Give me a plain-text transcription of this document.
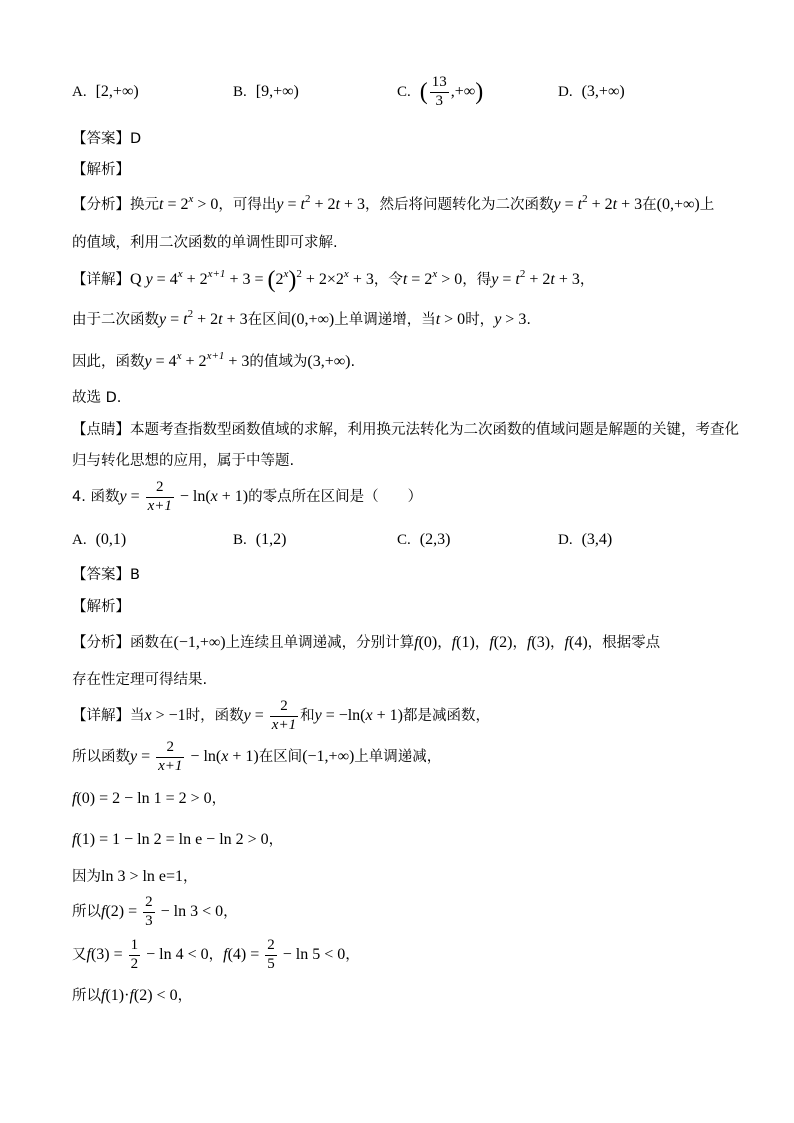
A. [2,+∞)	B. [9,+∞)	C. ( $\frac{13}{3}$ ,+∞)	D. (3,+∞)
【答案】D
【解析】
【分析】换元$t = 2^x > 0$，可得出$y = t^2 + 2t + 3$，然后将问题转化为二次函数$y = t^2 + 2t + 3$在(0,+∞)上
的值域，利用二次函数的单调性即可求解.
【详解】Q $y = 4^x + 2^{x+1} + 3 = (2^x)^2 + 2\times 2^x + 3$，令$t = 2^x > 0$，得$y = t^2 + 2t + 3$，
由于二次函数$y = t^2 + 2t + 3$在区间(0,+∞)上单调递增，当t > 0时，y > 3.
因此，函数$y = 4^x + 2^{x+1} + 3$的值域为(3,+∞).
故选 D.
【点睛】本题考查指数型函数值域的求解，利用换元法转化为二次函数的值域问题是解题的关键，考查化
归与转化思想的应用，属于中等题.
4. 函数$y = \frac{2}{x+1} - \ln(x + 1)$的零点所在区间是（　　）
A. (0,1)	B. (1,2)	C. (2,3)	D. (3,4)
【答案】B
【解析】
【分析】函数在(−1,+∞)上连续且单调递减，分别计算f(0)，f(1)，f(2)，f(3)，f(4)，根据零点
存在性定理可得结果.
【详解】当x > −1时，函数$y = \frac{2}{x+1}$ 和y = −ln(x + 1)都是减函数，
所以函数$y = \frac{2}{x+1} - \ln(x + 1)$在区间(−1,+∞)上单调递减，
f(0) = 2 − ln 1 = 2 > 0，
f(1) = 1 − ln 2 = ln e − ln 2 > 0，
因为ln 3 > ln e=1，
所以$f(2) = \frac{2}{3} - \ln 3 < 0$，
又$f(3) = \frac{1}{2} - \ln 4 < 0$，$f(4) = \frac{2}{5} - \ln 5 < 0$，
所以f(1)·f(2) < 0，
